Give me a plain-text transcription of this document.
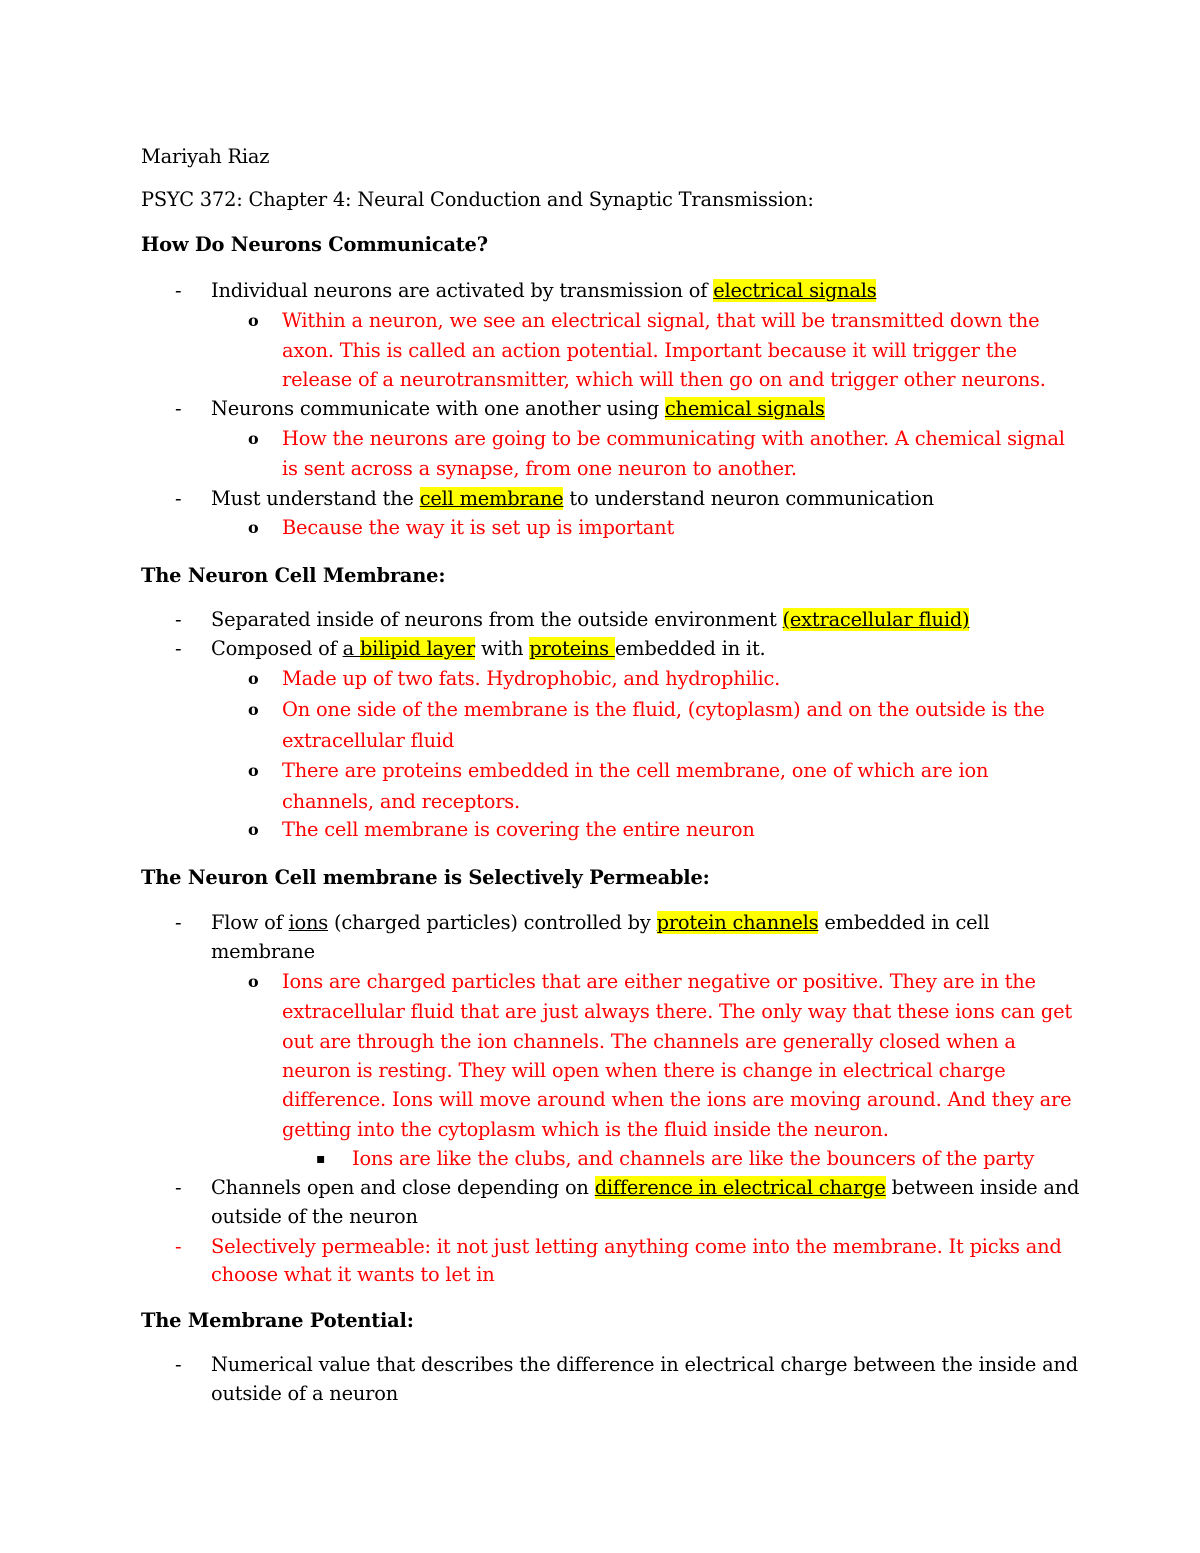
Mariyah Riaz
PSYC 372: Chapter 4: Neural Conduction and Synaptic Transmission:
How Do Neurons Communicate?
- Individual neurons are activated by transmission of electrical signals
o Within a neuron, we see an electrical signal, that will be transmitted down the
axon. This is called an action potential. Important because it will trigger the
release of a neurotransmitter, which will then go on and trigger other neurons.
- Neurons communicate with one another using chemical signals
o How the neurons are going to be communicating with another. A chemical signal
is sent across a synapse, from one neuron to another.
- Must understand the cell membrane to understand neuron communication
o Because the way it is set up is important
The Neuron Cell Membrane:
- Separated inside of neurons from the outside environment (extracellular fluid)
- Composed of a bilipid layer with proteins embedded in it.
o Made up of two fats. Hydrophobic, and hydrophilic.
o On one side of the membrane is the fluid, (cytoplasm) and on the outside is the
extracellular fluid
o There are proteins embedded in the cell membrane, one of which are ion
channels, and receptors.
o The cell membrane is covering the entire neuron
The Neuron Cell membrane is Selectively Permeable:
- Flow of ions (charged particles) controlled by protein channels embedded in cell
membrane
o Ions are charged particles that are either negative or positive. They are in the
extracellular fluid that are just always there. The only way that these ions can get
out are through the ion channels. The channels are generally closed when a
neuron is resting. They will open when there is change in electrical charge
difference. Ions will move around when the ions are moving around. And they are
getting into the cytoplasm which is the fluid inside the neuron.
▪ Ions are like the clubs, and channels are like the bouncers of the party
- Channels open and close depending on difference in electrical charge between inside and
outside of the neuron
- Selectively permeable: it not just letting anything come into the membrane. It picks and
choose what it wants to let in
The Membrane Potential:
- Numerical value that describes the difference in electrical charge between the inside and
outside of a neuron
